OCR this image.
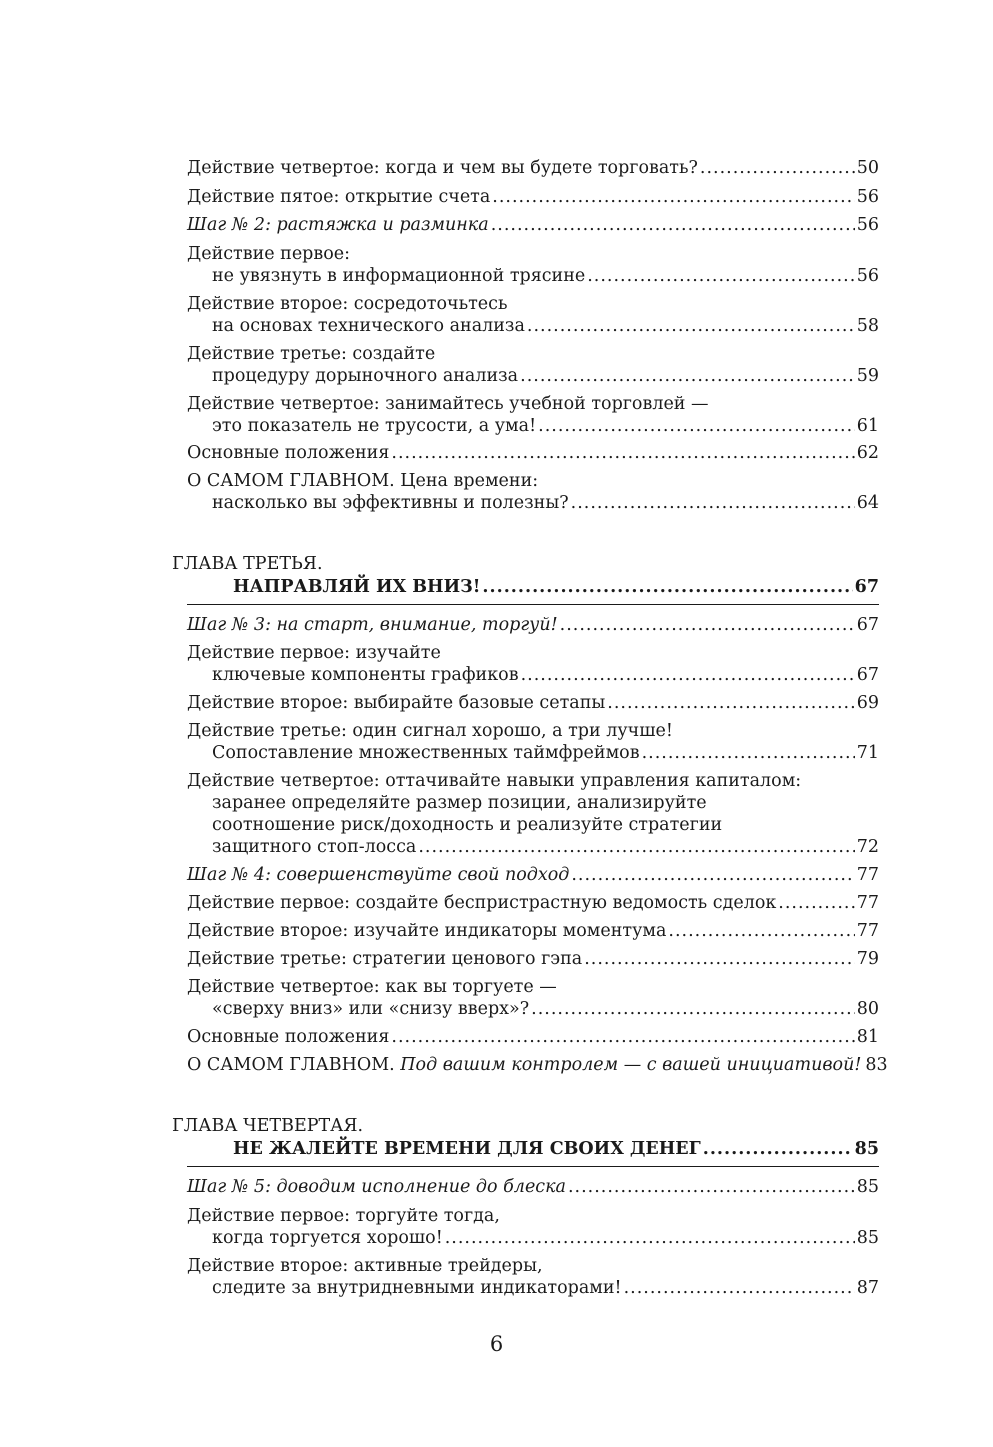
Действие четвертое: когда и чем вы будете торговать? .....	50
Действие пятое: открытие счета .....	56
Шаг № 2: растяжка и разминка .....	56
Действие первое:
не увязнуть в информационной трясине .....	56
Действие второе: сосредоточьтесь
на основах технического анализа .....	58
Действие третье: создайте
процедуру дорыночного анализа .....	59
Действие четвертое: занимайтесь учебной торговлей —
это показатель не трусости, а ума! .....	61
Основные положения .....	62
О САМОМ ГЛАВНОМ. Цена времени:
насколько вы эффективны и полезны? .....	64
ГЛАВА ТРЕТЬЯ.
НАПРАВЛЯЙ ИХ ВНИЗ! .....	67
Шаг № 3: на старт, внимание, торгуй! .....	67
Действие первое: изучайте
ключевые компоненты графиков .....	67
Действие второе: выбирайте базовые сетапы .....	69
Действие третье: один сигнал хорошо, а три лучше!
Сопоставление множественных таймфреймов .....	71
Действие четвертое: оттачивайте навыки управления капиталом:
заранее определяйте размер позиции, анализируйте
соотношение риск/доходность и реализуйте стратегии
защитного стоп-лосса .....	72
Шаг № 4: совершенствуйте свой подход .....	77
Действие первое: создайте беспристрастную ведомость сделок .....	77
Действие второе: изучайте индикаторы моментума .....	77
Действие третье: стратегии ценового гэпа .....	79
Действие четвертое: как вы торгуете —
«сверху вниз» или «снизу вверх»? .....	80
Основные положения .....	81
О САМОМ ГЛАВНОМ. Под вашим контролем — с вашей инициативой! 83
ГЛАВА ЧЕТВЕРТАЯ.
НЕ ЖАЛЕЙТЕ ВРЕМЕНИ ДЛЯ СВОИХ ДЕНЕГ .....	85
Шаг № 5: доводим исполнение до блеска .....	85
Действие первое: торгуйте тогда,
когда торгуется хорошо! .....	85
Действие второе: активные трейдеры,
следите за внутридневными индикаторами! .....	87
6
